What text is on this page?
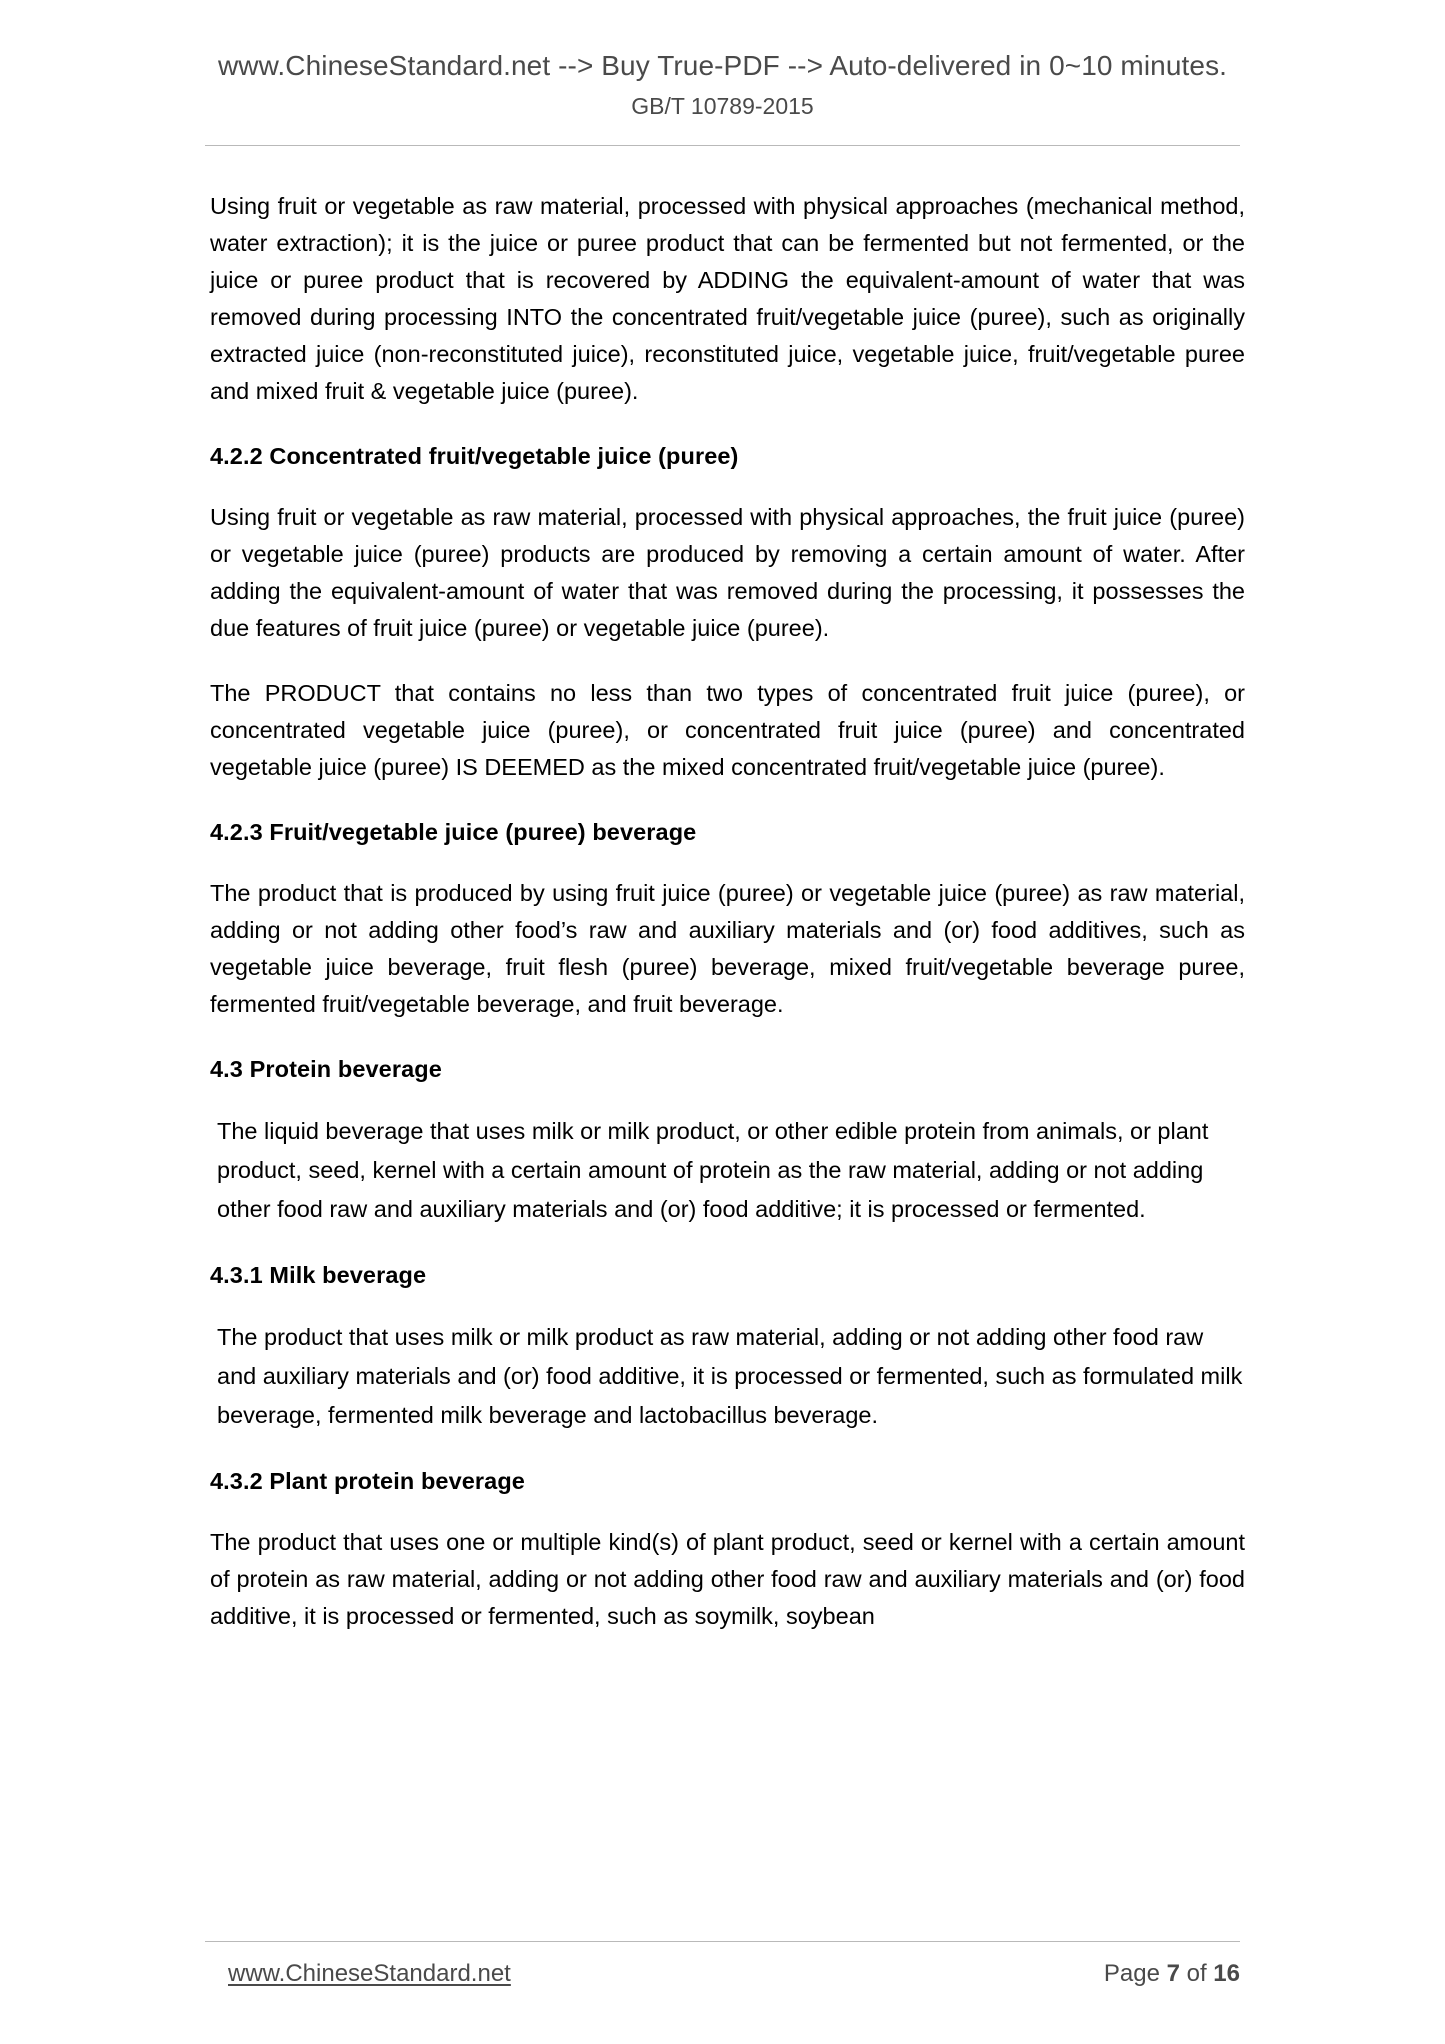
www.ChineseStandard.net --> Buy True-PDF --> Auto-delivered in 0~10 minutes.
GB/T 10789-2015

Using fruit or vegetable as raw material, processed with physical approaches (mechanical method, water extraction); it is the juice or puree product that can be fermented but not fermented, or the juice or puree product that is recovered by ADDING the equivalent-amount of water that was removed during processing INTO the concentrated fruit/vegetable juice (puree), such as originally extracted juice (non-reconstituted juice), reconstituted juice, vegetable juice, fruit/vegetable puree and mixed fruit & vegetable juice (puree).

4.2.2 Concentrated fruit/vegetable juice (puree)

Using fruit or vegetable as raw material, processed with physical approaches, the fruit juice (puree) or vegetable juice (puree) products are produced by removing a certain amount of water. After adding the equivalent-amount of water that was removed during the processing, it possesses the due features of fruit juice (puree) or vegetable juice (puree).

The PRODUCT that contains no less than two types of concentrated fruit juice (puree), or concentrated vegetable juice (puree), or concentrated fruit juice (puree) and concentrated vegetable juice (puree) IS DEEMED as the mixed concentrated fruit/vegetable juice (puree).

4.2.3 Fruit/vegetable juice (puree) beverage

The product that is produced by using fruit juice (puree) or vegetable juice (puree) as raw material, adding or not adding other food’s raw and auxiliary materials and (or) food additives, such as vegetable juice beverage, fruit flesh (puree) beverage, mixed fruit/vegetable beverage puree, fermented fruit/vegetable beverage, and fruit beverage.

4.3 Protein beverage

The liquid beverage that uses milk or milk product, or other edible protein from animals, or plant product, seed, kernel with a certain amount of protein as the raw material, adding or not adding other food raw and auxiliary materials and (or) food additive; it is processed or fermented.

4.3.1 Milk beverage

The product that uses milk or milk product as raw material, adding or not adding other food raw and auxiliary materials and (or) food additive, it is processed or fermented, such as formulated milk beverage, fermented milk beverage and lactobacillus beverage.

4.3.2 Plant protein beverage

The product that uses one or multiple kind(s) of plant product, seed or kernel with a certain amount of protein as raw material, adding or not adding other food raw and auxiliary materials and (or) food additive, it is processed or fermented, such as soymilk, soybean

www.ChineseStandard.net	Page 7 of 16
